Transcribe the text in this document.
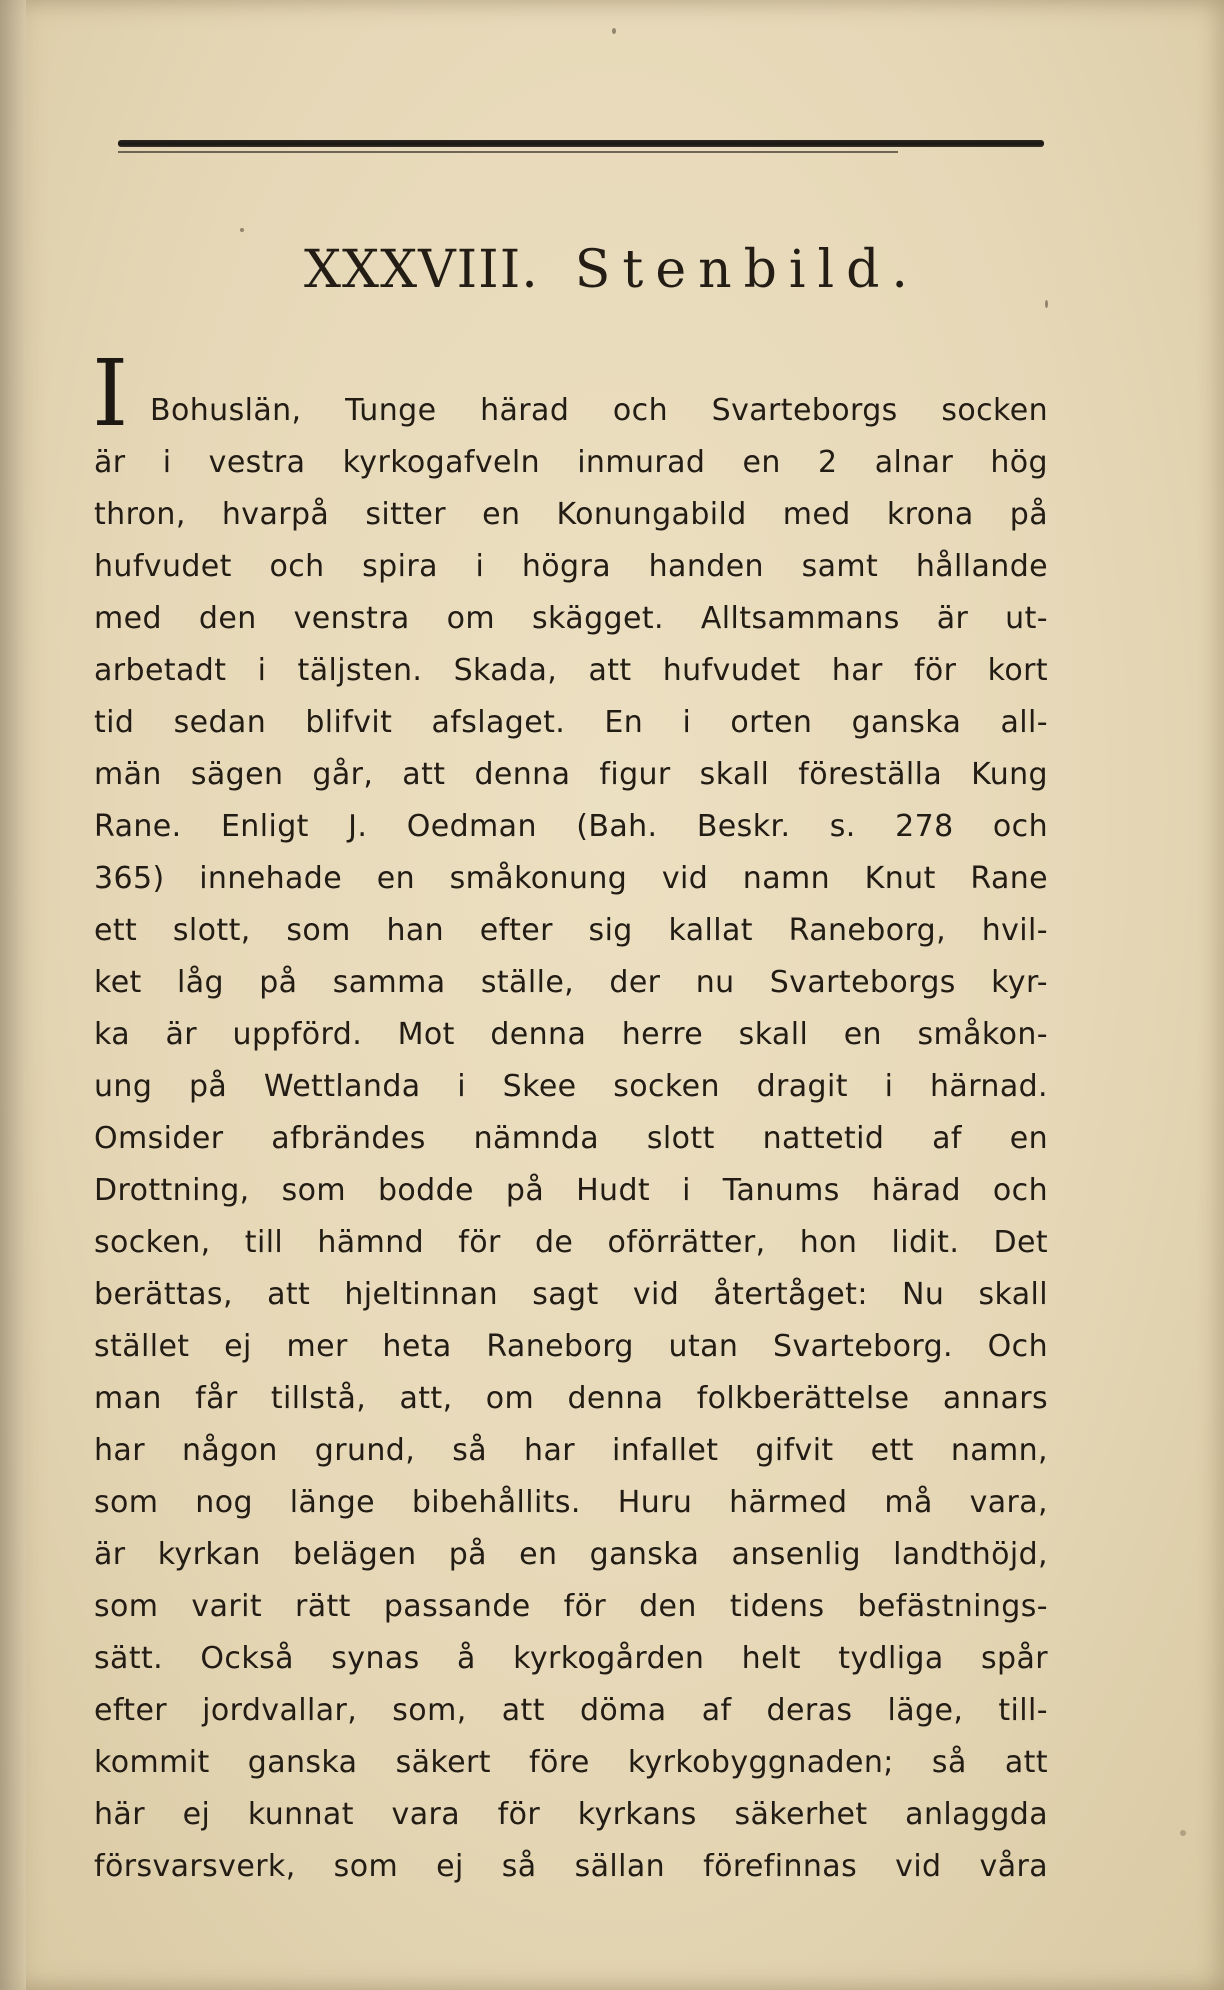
XXXVIII. Stenbild.
I Bohuslän, Tunge härad och Svarteborgs socken
är i vestra kyrkogafveln inmurad en 2 alnar hög
thron, hvarpå sitter en Konungabild med krona på
hufvudet och spira i högra handen samt hållande
med den venstra om skägget. Alltsammans är ut-
arbetadt i täljsten. Skada, att hufvudet har för kort
tid sedan blifvit afslaget. En i orten ganska all-
män sägen går, att denna figur skall föreställa Kung
Rane. Enligt J. Oedman (Bah. Beskr. s. 278 och
365) innehade en småkonung vid namn Knut Rane
ett slott, som han efter sig kallat Raneborg, hvil-
ket låg på samma ställe, der nu Svarteborgs kyr-
ka är uppförd. Mot denna herre skall en småkon-
ung på Wettlanda i Skee socken dragit i härnad.
Omsider afbrändes nämnda slott nattetid af en
Drottning, som bodde på Hudt i Tanums härad och
socken, till hämnd för de oförrätter, hon lidit. Det
berättas, att hjeltinnan sagt vid återtåget: Nu skall
stället ej mer heta Raneborg utan Svarteborg. Och
man får tillstå, att, om denna folkberättelse annars
har någon grund, så har infallet gifvit ett namn,
som nog länge bibehållits. Huru härmed må vara,
är kyrkan belägen på en ganska ansenlig landthöjd,
som varit rätt passande för den tidens befästnings-
sätt. Också synas å kyrkogården helt tydliga spår
efter jordvallar, som, att döma af deras läge, till-
kommit ganska säkert före kyrkobyggnaden; så att
här ej kunnat vara för kyrkans säkerhet anlaggda
försvarsverk, som ej så sällan förefinnas vid våra
